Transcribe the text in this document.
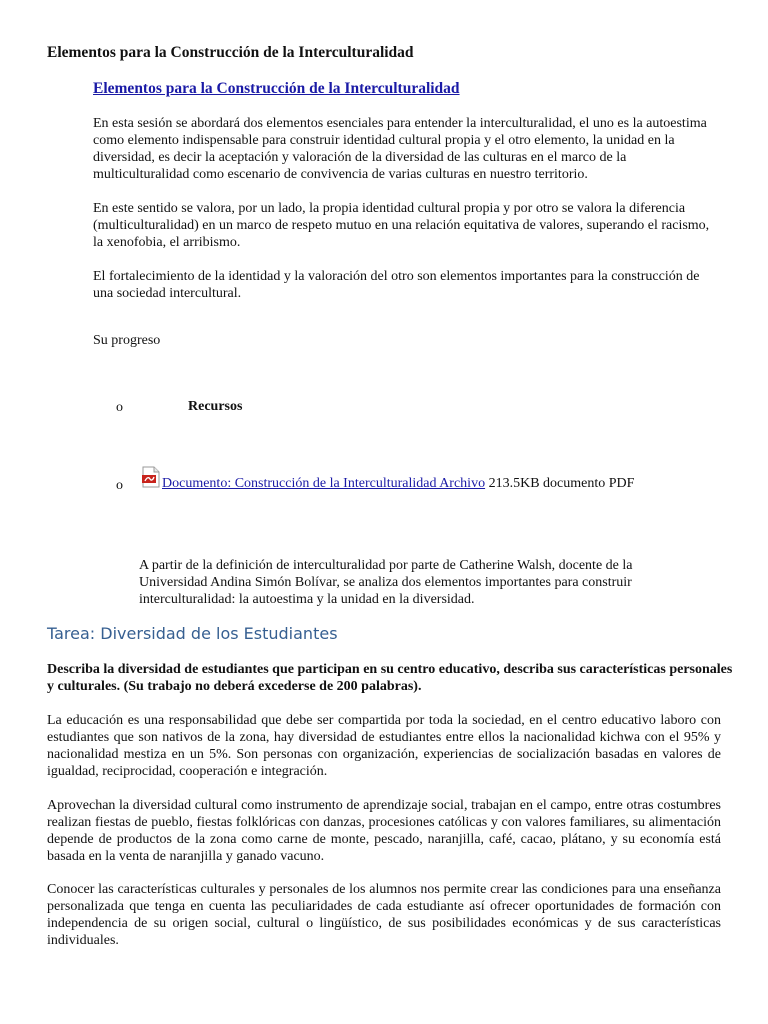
Elementos para la Construcción de la Interculturalidad
Elementos para la Construcción de la Interculturalidad

En esta sesión se abordará dos elementos esenciales para entender la interculturalidad, el uno es la autoestima como elemento indispensable para construir identidad cultural propia y el otro elemento, la unidad en la diversidad, es decir la aceptación y valoración de la diversidad de las culturas en el marco de la multiculturalidad como escenario de convivencia de varias culturas en nuestro territorio.

En este sentido se valora, por un lado, la propia identidad cultural propia y por otro se valora la diferencia (multiculturalidad) en un marco de respeto mutuo en una relación equitativa de valores, superando el racismo, la xenofobia, el arribismo.

El fortalecimiento de la identidad y la valoración del otro son elementos importantes para la construcción de una sociedad intercultural.

Su progreso
o	Recursos
o	Documento: Construcción de la Interculturalidad Archivo 213.5KB documento PDF

A partir de la definición de interculturalidad por parte de Catherine Walsh, docente de la Universidad Andina Simón Bolívar, se analiza dos elementos importantes para construir interculturalidad: la autoestima y la unidad en la diversidad.

Tarea: Diversidad de los Estudiantes

Describa la diversidad de estudiantes que participan en su centro educativo, describa sus características personales y culturales. (Su trabajo no deberá excederse de 200 palabras).

La educación es una responsabilidad que debe ser compartida por toda la sociedad, en el centro educativo laboro con estudiantes que son nativos de la zona, hay diversidad de estudiantes entre ellos la nacionalidad kichwa con el 95% y nacionalidad mestiza en un 5%. Son personas con organización, experiencias de socialización basadas en valores de igualdad, reciprocidad, cooperación e integración.

Aprovechan la diversidad cultural como instrumento de aprendizaje social, trabajan en el campo, entre otras costumbres realizan fiestas de pueblo, fiestas folklóricas con danzas, procesiones católicas y con valores familiares, su alimentación depende de productos de la zona como carne de monte, pescado, naranjilla, café, cacao, plátano, y su economía está basada en la venta de naranjilla y ganado vacuno.

Conocer las características culturales y personales de los alumnos nos permite crear las condiciones para una enseñanza personalizada que tenga en cuenta las peculiaridades de cada estudiante así ofrecer oportunidades de formación con independencia de su origen social, cultural o lingüístico, de sus posibilidades económicas y de sus características individuales.
